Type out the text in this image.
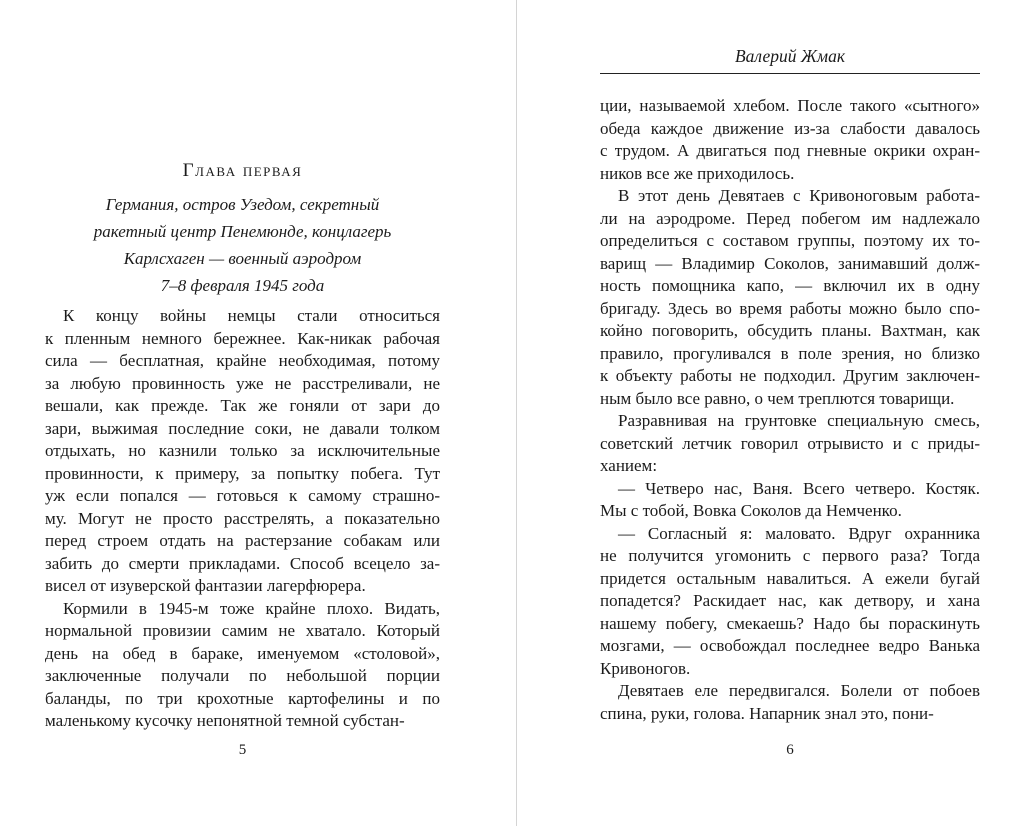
Глава первая
Германия, остров Узедом, секретный
ракетный центр Пенемюнде, концлагерь
Карлсхаген — военный аэродром
7–8 февраля 1945 года
К концу войны немцы стали относиться
к пленным немного бережнее. Как-никак рабочая
сила — бесплатная, крайне необходимая, потому
за любую провинность уже не расстреливали, не
вешали, как прежде. Так же гоняли от зари до
зари, выжимая последние соки, не давали толком
отдыхать, но казнили только за исключительные
провинности, к примеру, за попытку побега. Тут
уж если попался — готовься к самому страшно-
му. Могут не просто расстрелять, а показательно
перед строем отдать на растерзание собакам или
забить до смерти прикладами. Способ всецело за-
висел от изуверской фантазии лагерфюрера.
Кормили в 1945-м тоже крайне плохо. Видать,
нормальной провизии самим не хватало. Который
день на обед в бараке, именуемом «столовой»,
заключенные получали по небольшой порции
баланды, по три крохотные картофелины и по
маленькому кусочку непонятной темной субстан-
Валерий Жмак
ции, называемой хлебом. После такого «сытного»
обеда каждое движение из-за слабости давалось
с трудом. А двигаться под гневные окрики охран-
ников все же приходилось.
В этот день Девятаев с Кривоноговым работа-
ли на аэродроме. Перед побегом им надлежало
определиться с составом группы, поэтому их то-
варищ — Владимир Соколов, занимавший долж-
ность помощника капо, — включил их в одну
бригаду. Здесь во время работы можно было спо-
койно поговорить, обсудить планы. Вахтман, как
правило, прогуливался в поле зрения, но близко
к объекту работы не подходил. Другим заключен-
ным было все равно, о чем треплются товарищи.
Разравнивая на грунтовке специальную смесь,
советский летчик говорил отрывисто и с приды-
ханием:
— Четверо нас, Ваня. Всего четверо. Костяк.
Мы с тобой, Вовка Соколов да Немченко.
— Согласный я: маловато. Вдруг охранника
не получится угомонить с первого раза? Тогда
придется остальным навалиться. А ежели бугай
попадется? Раскидает нас, как детвору, и хана
нашему побегу, смекаешь? Надо бы пораскинуть
мозгами, — освобождал последнее ведро Ванька
Кривоногов.
Девятаев еле передвигался. Болели от побоев
спина, руки, голова. Напарник знал это, пони-
5	6
